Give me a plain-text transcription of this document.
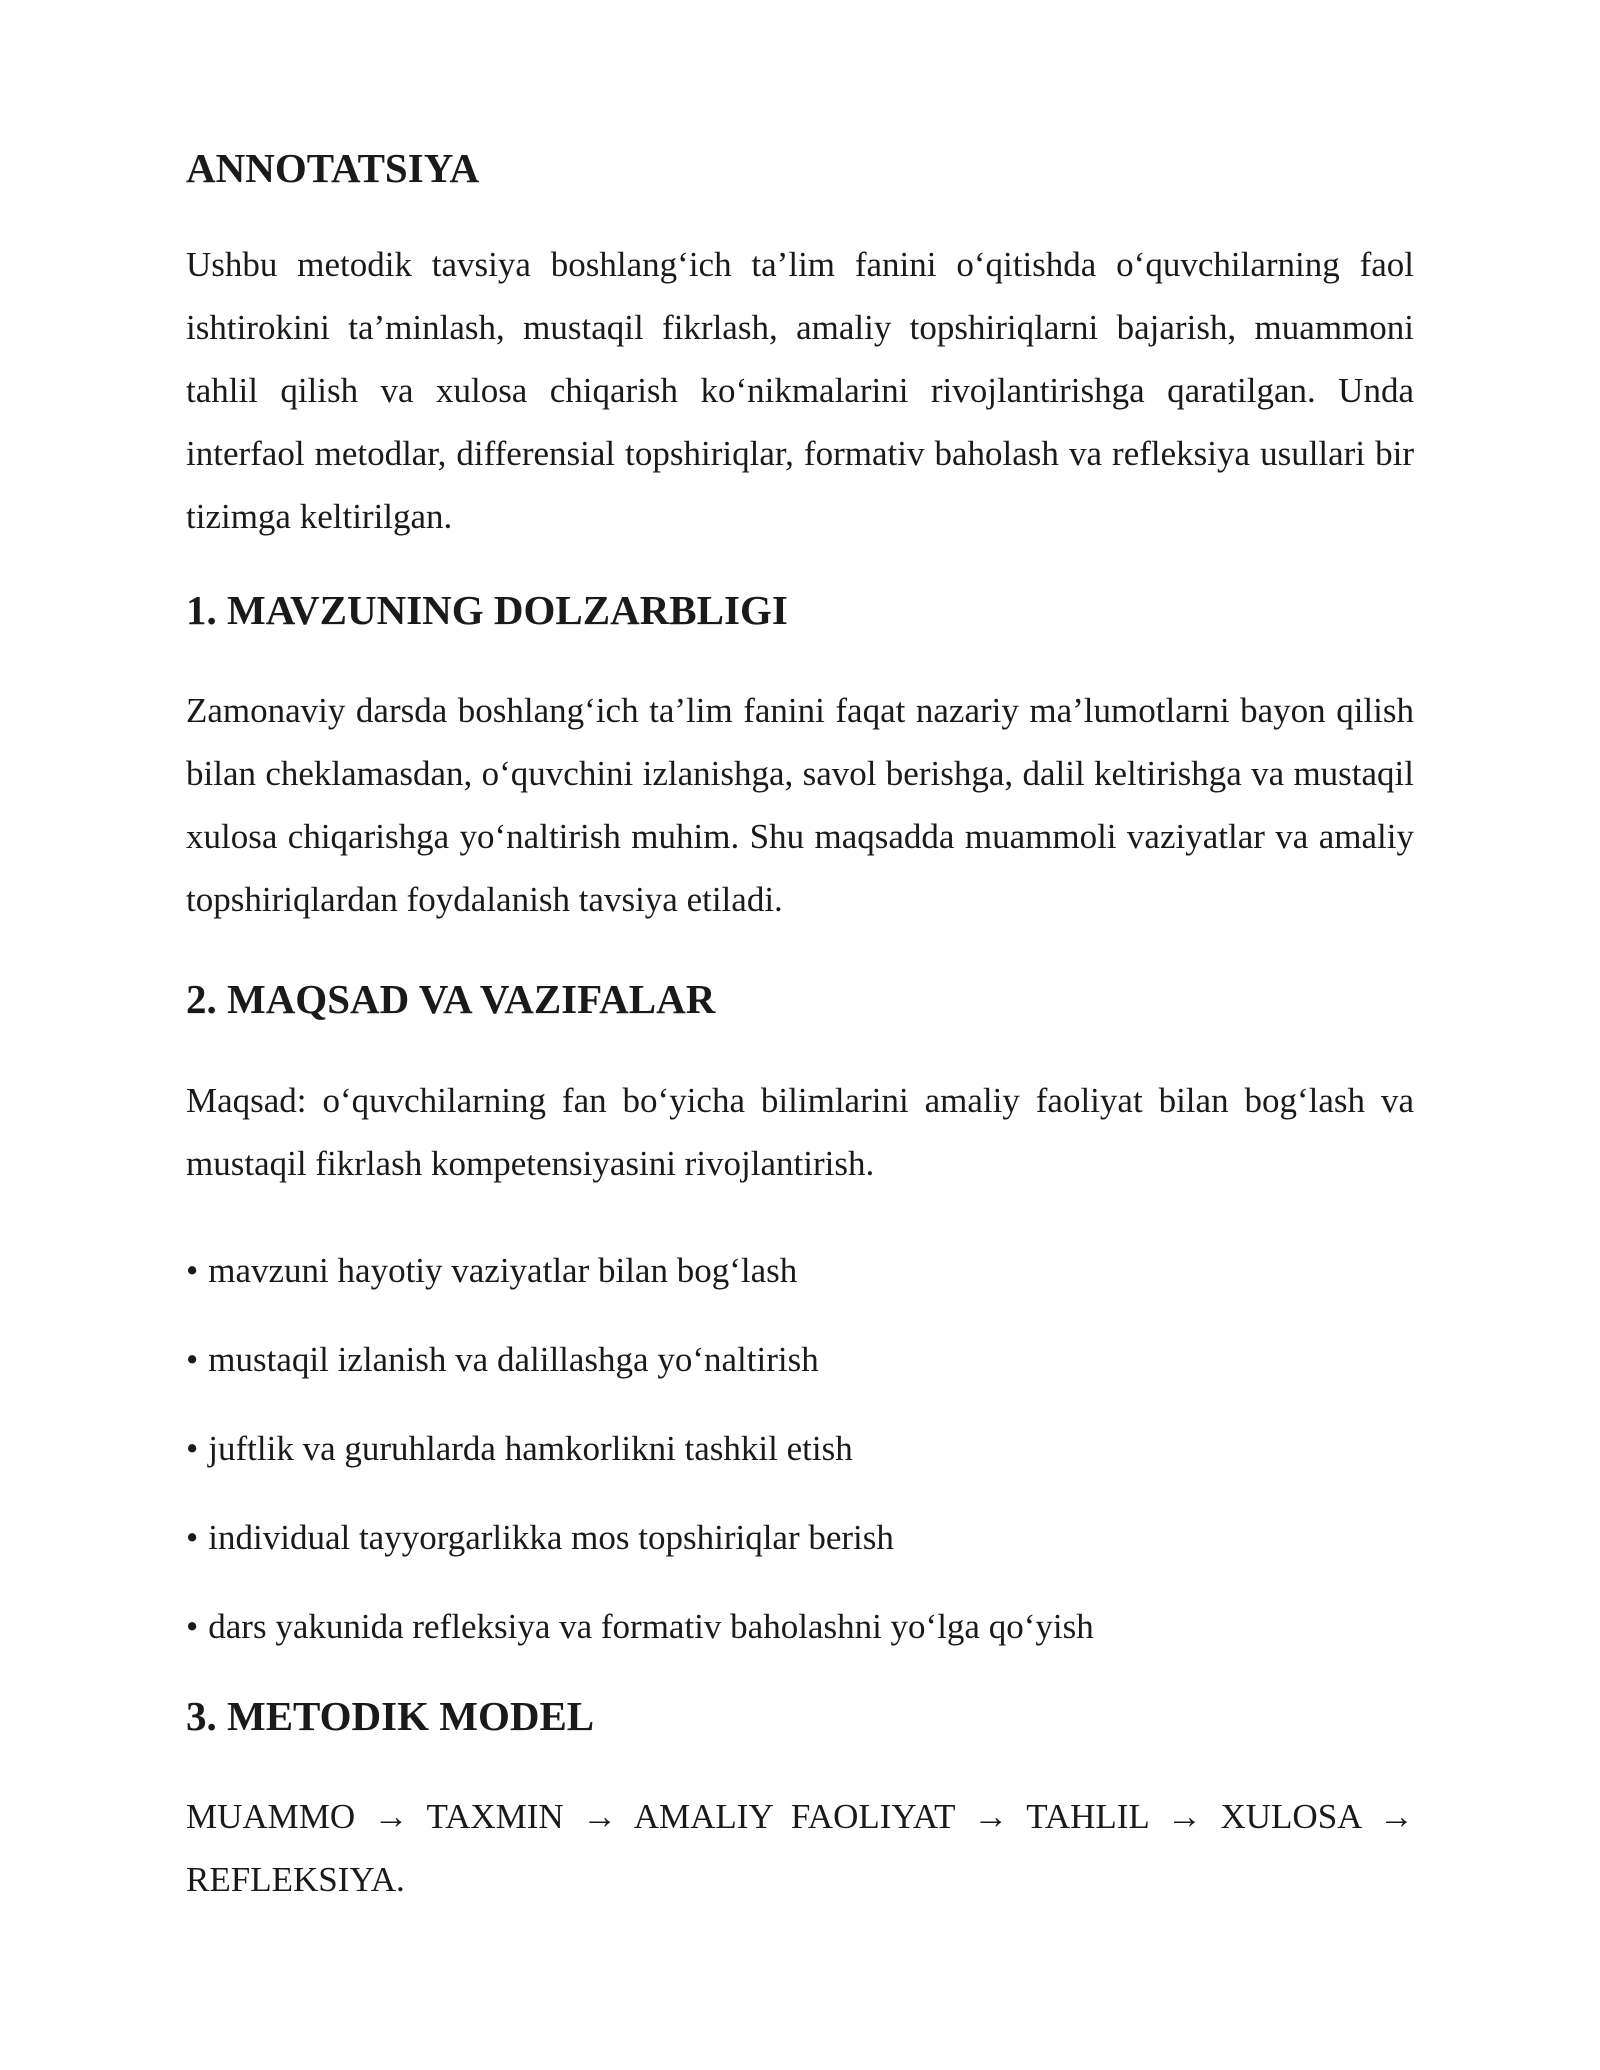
ANNOTATSIYA

Ushbu metodik tavsiya boshlang‘ich ta’lim fanini o‘qitishda o‘quvchilarning faol ishtirokini ta’minlash, mustaqil fikrlash, amaliy topshiriqlarni bajarish, muammoni tahlil qilish va xulosa chiqarish ko‘nikmalarini rivojlantirishga qaratilgan. Unda interfaol metodlar, differensial topshiriqlar, formativ baholash va refleksiya usullari bir tizimga keltirilgan.

1. MAVZUNING DOLZARBLIGI

Zamonaviy darsda boshlang‘ich ta’lim fanini faqat nazariy ma’lumotlarni bayon qilish bilan cheklamasdan, o‘quvchini izlanishga, savol berishga, dalil keltirishga va mustaqil xulosa chiqarishga yo‘naltirish muhim. Shu maqsadda muammoli vaziyatlar va amaliy topshiriqlardan foydalanish tavsiya etiladi.

2. MAQSAD VA VAZIFALAR

Maqsad: o‘quvchilarning fan bo‘yicha bilimlarini amaliy faoliyat bilan bog‘lash va mustaqil fikrlash kompetensiyasini rivojlantirish.

• mavzuni hayotiy vaziyatlar bilan bog‘lash
• mustaqil izlanish va dalillashga yo‘naltirish
• juftlik va guruhlarda hamkorlikni tashkil etish
• individual tayyorgarlikka mos topshiriqlar berish
• dars yakunida refleksiya va formativ baholashni yo‘lga qo‘yish
3. METODIK MODEL

MUAMMO → TAXMIN → AMALIY FAOLIYAT → TAHLIL → XULOSA → REFLEKSIYA.
